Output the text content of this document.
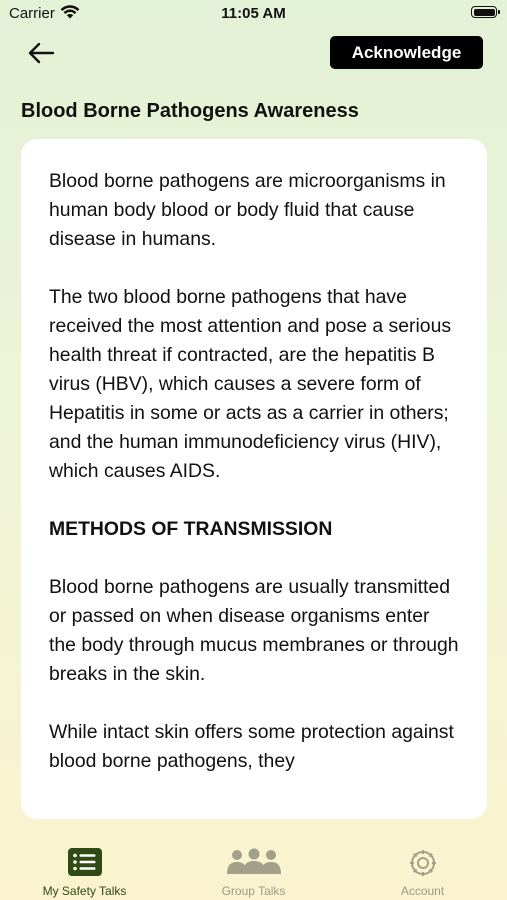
Carrier	11:05 AM
Acknowledge
Blood Borne Pathogens Awareness

Blood borne pathogens are microorganisms in human body blood or body fluid that cause disease in humans.

The two blood borne pathogens that have received the most attention and pose a serious health threat if contracted, are the hepatitis B virus (HBV), which causes a severe form of Hepatitis in some or acts as a carrier in others; and the human immunodeficiency virus (HIV), which causes AIDS.

METHODS OF TRANSMISSION

Blood borne pathogens are usually transmitted or passed on when disease organisms enter the body through mucus membranes or through breaks in the skin.

While intact skin offers some protection against blood borne pathogens, they

My Safety Talks	Group Talks	Account
